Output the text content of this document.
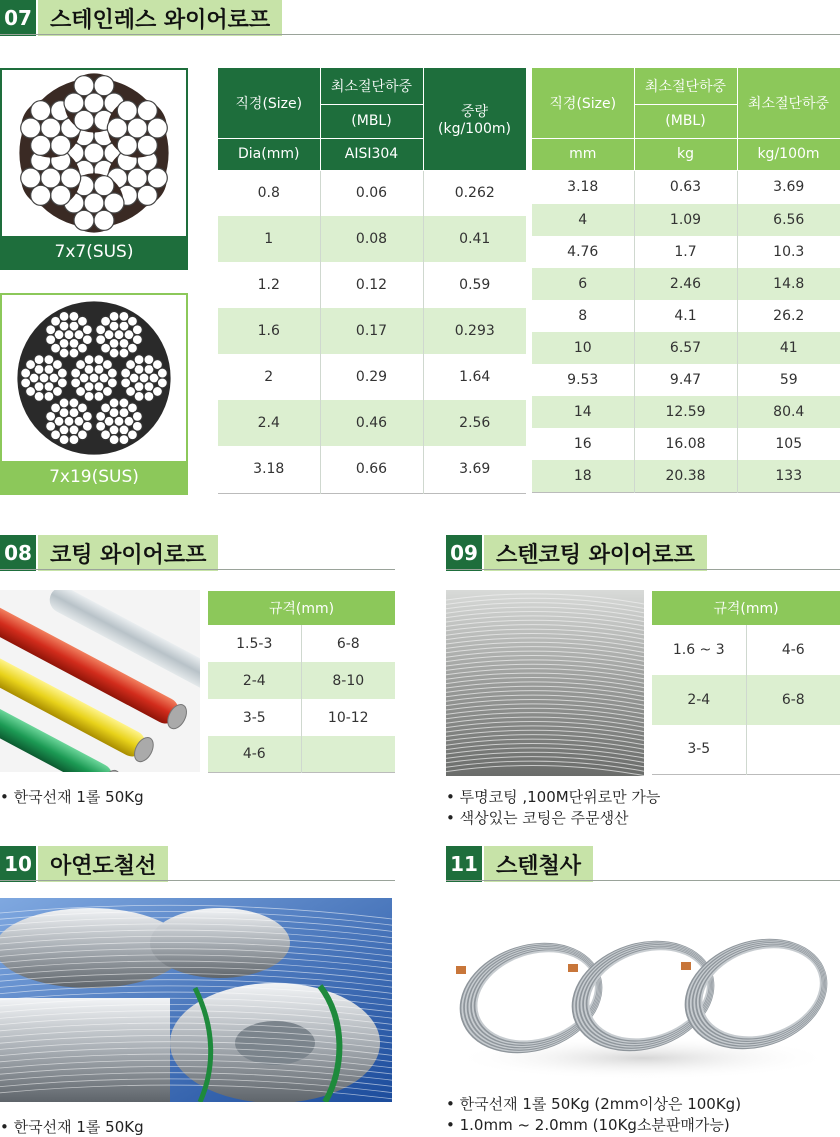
07 스테인레스 와이어로프
7x7(SUS)
7x19(SUS)
직경(Size)	최소절단하중	중량
(kg/100m)
	(MBL)	
Dia(mm)	AISI304	
0.8	0.06	0.262
1	0.08	0.41
1.2	0.12	0.59
1.6	0.17	0.293
2	0.29	1.64
2.4	0.46	2.56
3.18	0.66	3.69
직경(Size)	최소절단하중	최소절단하중
	(MBL)	
mm	kg	kg/100m
3.18	0.63	3.69
4	1.09	6.56
4.76	1.7	10.3
6	2.46	14.8
8	4.1	26.2
10	6.57	41
9.53	9.47	59
14	12.59	80.4
16	16.08	105
18	20.38	133
08 코팅 와이어로프
규격(mm)	
1.5-3	6-8
2-4	8-10
3-5	10-12
4-6	
• 한국선재 1롤 50Kg
09 스텐코팅 와이어로프
규격(mm)	
1.6 ~ 3	4-6
2-4	6-8
3-5	
• 투명코팅 ,100M단위로만 가능
• 색상있는 코팅은 주문생산
10 아연도철선
• 한국선재 1롤 50Kg
11 스텐철사
• 한국선재 1롤 50Kg (2mm이상은 100Kg)
• 1.0mm ~ 2.0mm (10Kg소분판매가능)
